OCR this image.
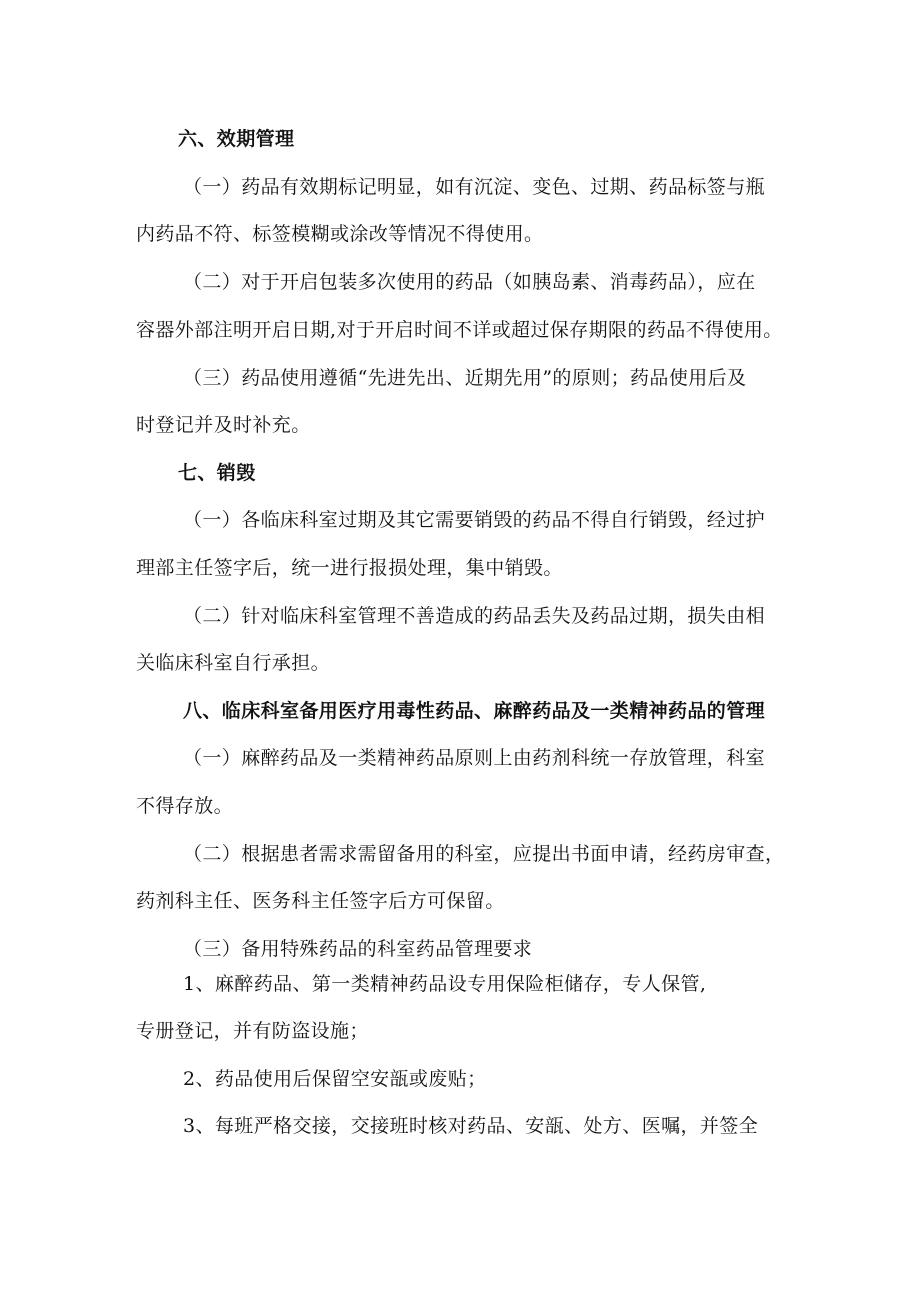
六、效期管理
（一）药品有效期标记明显，如有沉淀、变色、过期、药品标签与瓶
内药品不符、标签模糊或涂改等情况不得使用。
（二）对于开启包装多次使用的药品（如胰岛素、消毒药品），应在
容器外部注明开启日期,对于开启时间不详或超过保存期限的药品不得使用。
（三）药品使用遵循“先进先出、近期先用”的原则；药品使用后及
时登记并及时补充。
七、销毁
（一）各临床科室过期及其它需要销毁的药品不得自行销毁，经过护
理部主任签字后，统一进行报损处理，集中销毁。
（二）针对临床科室管理不善造成的药品丢失及药品过期，损失由相
关临床科室自行承担。
八、临床科室备用医疗用毒性药品、麻醉药品及一类精神药品的管理
（一）麻醉药品及一类精神药品原则上由药剂科统一存放管理，科室
不得存放。
（二）根据患者需求需留备用的科室，应提出书面申请，经药房审查，
药剂科主任、医务科主任签字后方可保留。
（三）备用特殊药品的科室药品管理要求
1、麻醉药品、第一类精神药品设专用保险柜储存，专人保管,
专册登记，并有防盗设施；
2、药品使用后保留空安瓿或废贴；
3、每班严格交接，交接班时核对药品、安瓿、处方、医嘱，并签全
